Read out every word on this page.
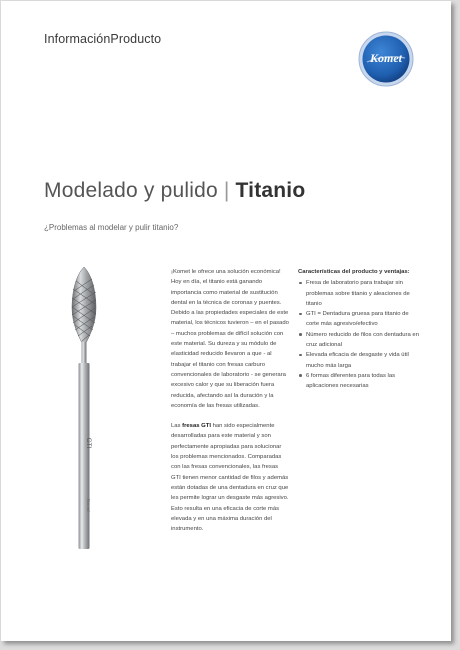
InformaciónProducto
Komet
Modelado y pulido | Titanio
¿Problemas al modelar y pulir titanio?
GTI
Komet

¡Komet le ofrece una solución económica! Hoy en día, el titanio está ganando importancia como material de sustitución dental en la técnica de coronas y puentes. Debido a las propiedades especiales de este material, los técnicos tuvieron – en el pasado – muchos problemas de difícil solución con este material. Su dureza y su módulo de elasticidad reducido llevaron a que - al trabajar el titanio con fresas carburo convencionales de laboratorio - se generara excesivo calor y que su liberación fuera reducida, afectando así la duración y la economía de las fresas utilizadas.

Las fresas GTI han sido especialmente desarrolladas para este material y son perfectamente apropiadas para solucionar los problemas mencionados. Comparadas con las fresas convencionales, las fresas GTI tienen menor cantidad de filos y además están dotadas de una dentadura en cruz que les permite lograr un desgaste más agresivo. Esto resulta en una eficacia de corte más elevada y en una máxima duración del instrumento.

Características del producto y ventajas:
Fresa de laboratorio para trabajar sin problemas sobre titanio y aleaciones de titanio
GTI = Dentadura gruesa para titanio de corte más agresivo/efectivo
Número reducido de filos con dentadura en cruz adicional
Elevada eficacia de desgaste y vida útil mucho más larga
6 formas diferentes para todas las aplicaciones necesarias
